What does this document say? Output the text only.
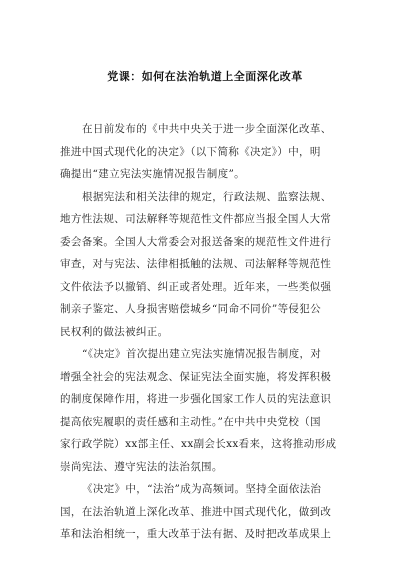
党课：如何在法治轨道上全面深化改革
在日前发布的《中共中央关于进一步全面深化改革、
推进中国式现代化的决定》（以下简称《决定》）中，明
确提出“建立宪法实施情况报告制度”。
根据宪法和相关法律的规定，行政法规、监察法规、
地方性法规、司法解释等规范性文件都应当报全国人大常
委会备案。全国人大常委会对报送备案的规范性文件进行
审查，对与宪法、法律相抵触的法规、司法解释等规范性
文件依法予以撤销、纠正或者处理。近年来，一些类似强
制亲子鉴定、人身损害赔偿城乡“同命不同价”等侵犯公
民权利的做法被纠正。
“《决定》首次提出建立宪法实施情况报告制度，对
增强全社会的宪法观念、保证宪法全面实施，将发挥积极
的制度保障作用，将进一步强化国家工作人员的宪法意识
提高依宪履职的责任感和主动性。”在中共中央党校（国
家行政学院）xx部主任、xx副会长xx看来，这将推动形成
崇尚宪法、遵守宪法的法治氛围。
《决定》中，“法治”成为高频词。坚持全面依法治
国，在法治轨道上深化改革、推进中国式现代化，做到改
革和法治相统一，重大改革于法有据、及时把改革成果上
